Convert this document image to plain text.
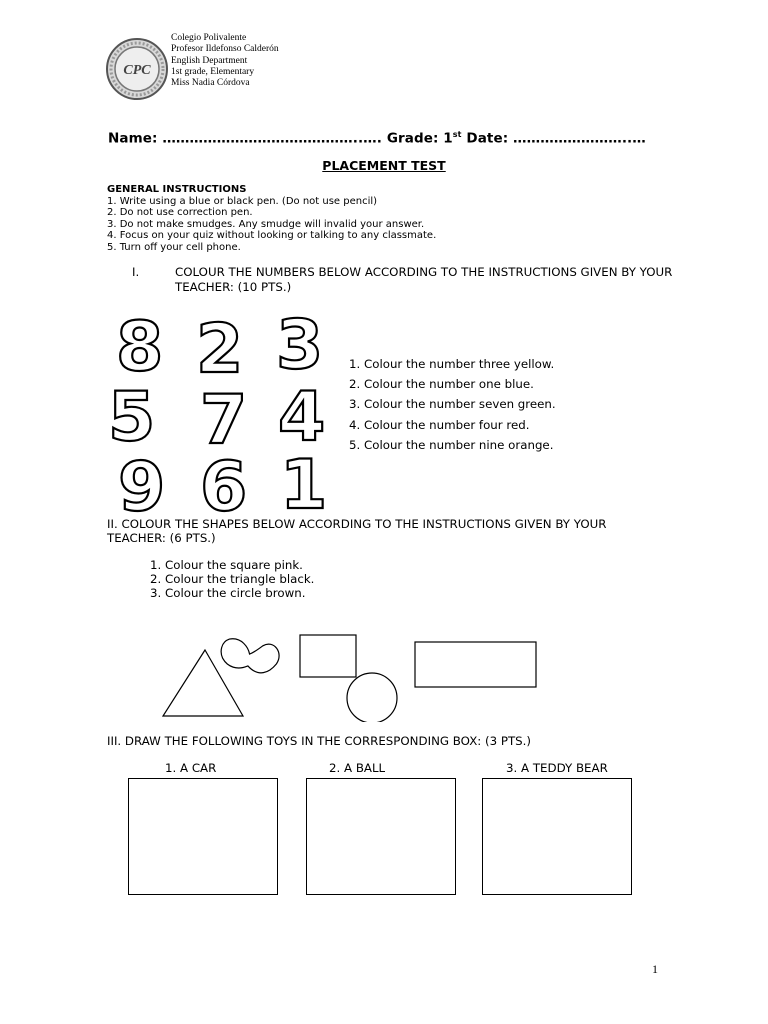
CPC
Colegio Polivalente
Profesor Ildefonso Calderón
English Department
1st grade, Elementary
Miss Nadia Córdova
Name: ……………………………………..…. Grade: 1st Date: ……………………..…
PLACEMENT TEST
GENERAL INSTRUCTIONS
1. Write using a blue or black pen. (Do not use pencil)
2. Do not use correction pen.
3. Do not make smudges. Any smudge will invalid your answer.
4. Focus on your quiz without looking or talking to any classmate.
5. Turn off your cell phone.
I.	COLOUR THE NUMBERS BELOW ACCORDING TO THE INSTRUCTIONS GIVEN BY YOUR TEACHER: (10 PTS.)
8 2 3
5 7 4
9 6 1
1. Colour the number three yellow.
2. Colour the number one blue.
3. Colour the number seven green.
4. Colour the number four red.
5. Colour the number nine orange.
II. COLOUR THE SHAPES BELOW ACCORDING TO THE INSTRUCTIONS GIVEN BY YOUR TEACHER: (6 PTS.)
1. Colour the square pink.
2. Colour the triangle black.
3. Colour the circle brown.
III. DRAW THE FOLLOWING TOYS IN THE CORRESPONDING BOX: (3 PTS.)
1. A CAR	2. A BALL	3. A TEDDY BEAR
1
